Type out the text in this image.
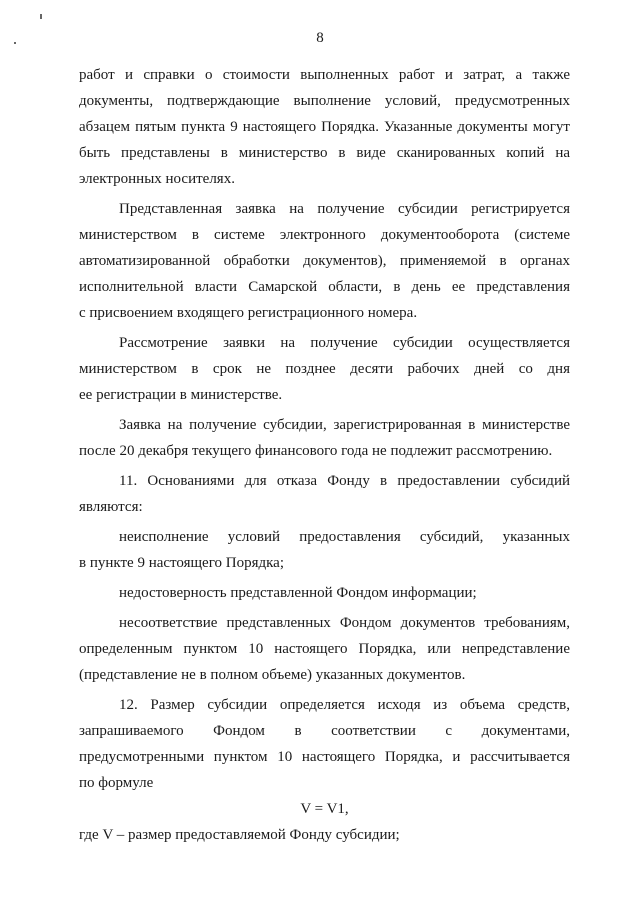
8

работ и справки о стоимости выполненных работ и затрат, а также

документы, подтверждающие выполнение условий, предусмотренных

абзацем пятым пункта 9 настоящего Порядка. Указанные документы могут

быть представлены в министерство в виде сканированных копий на

электронных носителях.

Представленная заявка на получение субсидии регистрируется

министерством в системе электронного документооборота (системе

автоматизированной обработки документов), применяемой в органах

исполнительной власти Самарской области, в день ее представления

с присвоением входящего регистрационного номера.

Рассмотрение заявки на получение субсидии осуществляется

министерством в срок не позднее десяти рабочих дней со дня

ее регистрации в министерстве.

Заявка на получение субсидии, зарегистрированная в министерстве

после 20 декабря текущего финансового года не подлежит рассмотрению.

11. Основаниями для отказа Фонду в предоставлении субсидий

являются:

неисполнение условий предоставления субсидий, указанных

в пункте 9 настоящего Порядка;

недостоверность представленной Фондом информации;

несоответствие представленных Фондом документов требованиям,

определенным пунктом 10 настоящего Порядка, или непредставление

(представление не в полном объеме) указанных документов.

12. Размер субсидии определяется исходя из объема средств,

запрашиваемого Фондом в соответствии с документами,

предусмотренными пунктом 10 настоящего Порядка, и рассчитывается

по формуле

V = V1,

где V – размер предоставляемой Фонду субсидии;
